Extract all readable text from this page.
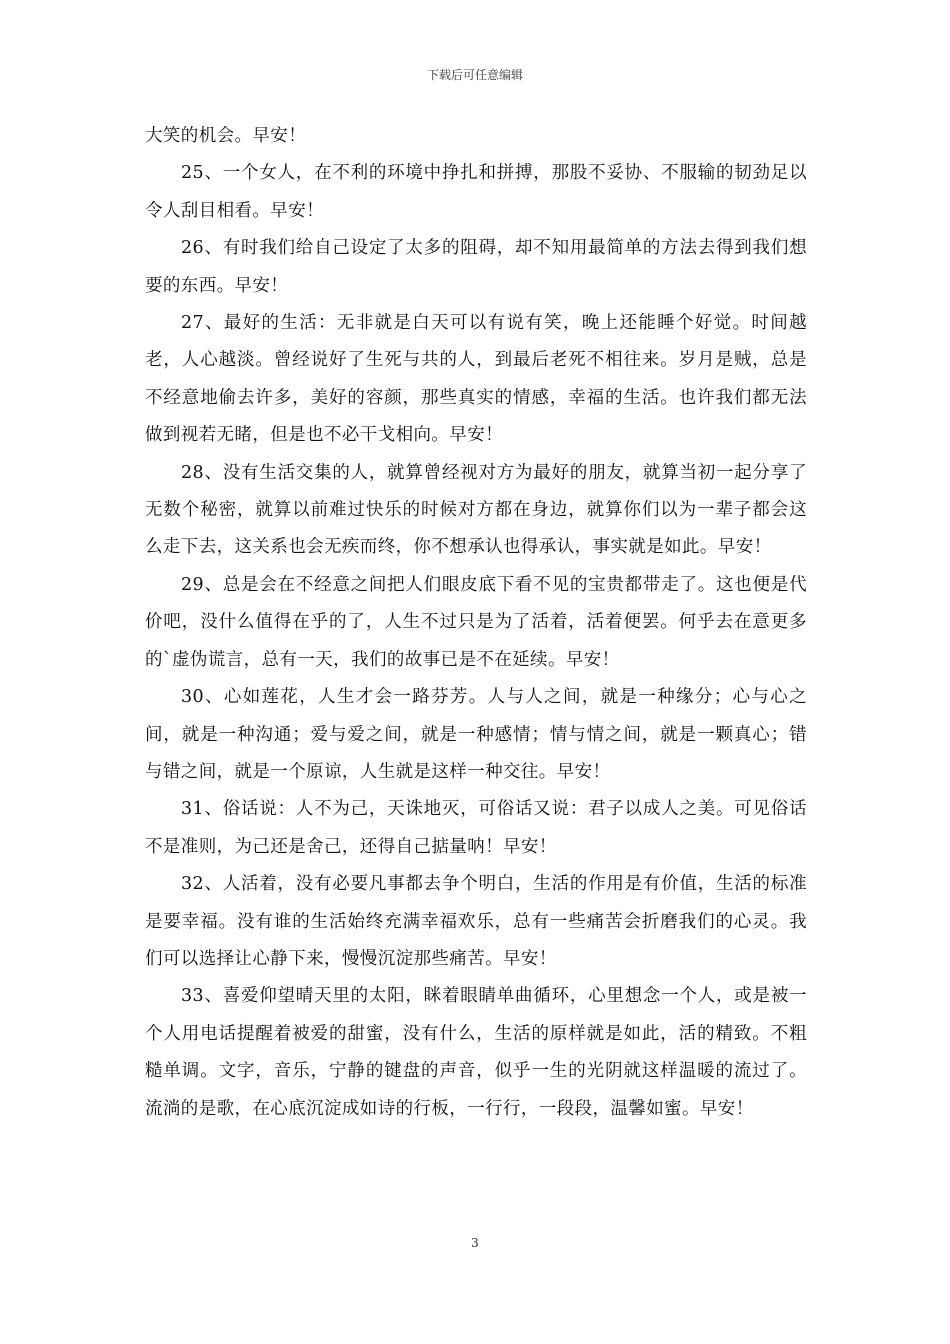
下载后可任意编辑

大笑的机会。早安！

25、一个女人，在不利的环境中挣扎和拼搏，那股不妥协、不服输的韧劲足以令人刮目相看。早安！

26、有时我们给自己设定了太多的阻碍，却不知用最简单的方法去得到我们想要的东西。早安！

27、最好的生活：无非就是白天可以有说有笑，晚上还能睡个好觉。时间越老，人心越淡。曾经说好了生死与共的人，到最后老死不相往来。岁月是贼，总是不经意地偷去许多，美好的容颜，那些真实的情感，幸福的生活。也许我们都无法做到视若无睹，但是也不必干戈相向。早安！

28、没有生活交集的人，就算曾经视对方为最好的朋友，就算当初一起分享了无数个秘密，就算以前难过快乐的时候对方都在身边，就算你们以为一辈子都会这么走下去，这关系也会无疾而终，你不想承认也得承认，事实就是如此。早安！

29、总是会在不经意之间把人们眼皮底下看不见的宝贵都带走了。这也便是代价吧，没什么值得在乎的了，人生不过只是为了活着，活着便罢。何乎去在意更多的`虚伪谎言，总有一天，我们的故事已是不在延续。早安！

30、心如莲花，人生才会一路芬芳。人与人之间，就是一种缘分；心与心之间，就是一种沟通；爱与爱之间，就是一种感情；情与情之间，就是一颗真心；错与错之间，就是一个原谅，人生就是这样一种交往。早安！

31、俗话说：人不为己，天诛地灭，可俗话又说：君子以成人之美。可见俗话不是准则，为己还是舍己，还得自己掂量呐！早安！

32、人活着，没有必要凡事都去争个明白，生活的作用是有价值，生活的标准是要幸福。没有谁的生活始终充满幸福欢乐，总有一些痛苦会折磨我们的心灵。我们可以选择让心静下来，慢慢沉淀那些痛苦。早安！

33、喜爱仰望晴天里的太阳，眯着眼睛单曲循环，心里想念一个人，或是被一个人用电话提醒着被爱的甜蜜，没有什么，生活的原样就是如此，活的精致。不粗糙单调。文字，音乐，宁静的键盘的声音，似乎一生的光阴就这样温暖的流过了。流淌的是歌，在心底沉淀成如诗的行板，一行行，一段段，温馨如蜜。早安！

3
